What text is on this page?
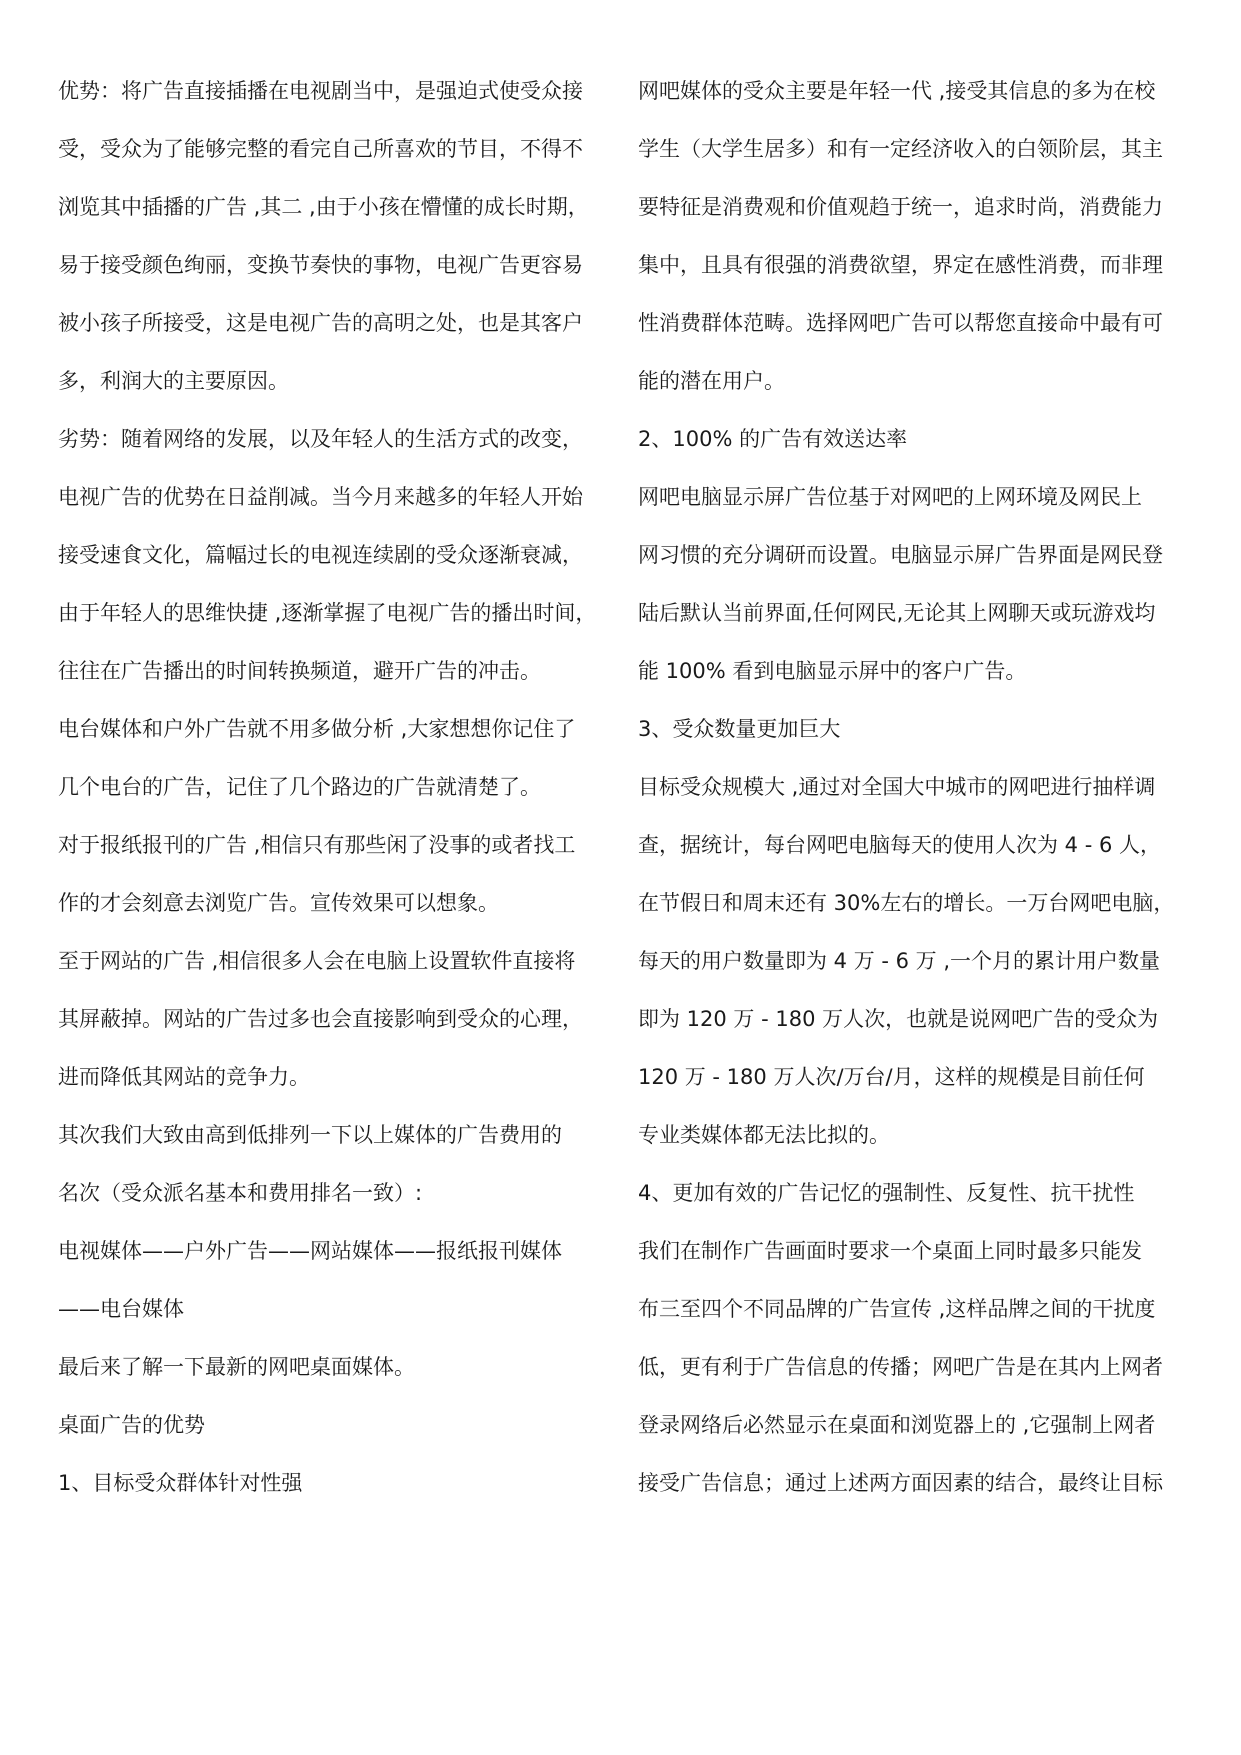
优势：将广告直接插播在电视剧当中，是强迫式使受众接
受，受众为了能够完整的看完自己所喜欢的节目，不得不
浏览其中插播的广告 ,其二 ,由于小孩在懵懂的成长时期，
易于接受颜色绚丽，变换节奏快的事物，电视广告更容易
被小孩子所接受，这是电视广告的高明之处，也是其客户
多，利润大的主要原因。
劣势：随着网络的发展，以及年轻人的生活方式的改变，
电视广告的优势在日益削减。当今月来越多的年轻人开始
接受速食文化，篇幅过长的电视连续剧的受众逐渐衰减，
由于年轻人的思维快捷 ,逐渐掌握了电视广告的播出时间，
往往在广告播出的时间转换频道，避开广告的冲击。
电台媒体和户外广告就不用多做分析 ,大家想想你记住了
几个电台的广告，记住了几个路边的广告就清楚了。
对于报纸报刊的广告 ,相信只有那些闲了没事的或者找工
作的才会刻意去浏览广告。宣传效果可以想象。
至于网站的广告 ,相信很多人会在电脑上设置软件直接将
其屏蔽掉。网站的广告过多也会直接影响到受众的心理，
进而降低其网站的竞争力。
其次我们大致由高到低排列一下以上媒体的广告费用的
名次（受众派名基本和费用排名一致）:
电视媒体——户外广告——网站媒体——报纸报刊媒体
——电台媒体
最后来了解一下最新的网吧桌面媒体。
桌面广告的优势
1、目标受众群体针对性强
网吧媒体的受众主要是年轻一代 ,接受其信息的多为在校
学生（大学生居多）和有一定经济收入的白领阶层，其主
要特征是消费观和价值观趋于统一，追求时尚，消费能力
集中，且具有很强的消费欲望，界定在感性消费，而非理
性消费群体范畴。选择网吧广告可以帮您直接命中最有可
能的潜在用户。
2、100% 的广告有效送达率
网吧电脑显示屏广告位基于对网吧的上网环境及网民上
网习惯的充分调研而设置。电脑显示屏广告界面是网民登
陆后默认当前界面,任何网民,无论其上网聊天或玩游戏均
能 100% 看到电脑显示屏中的客户广告。
3、受众数量更加巨大
目标受众规模大 ,通过对全国大中城市的网吧进行抽样调
查，据统计，每台网吧电脑每天的使用人次为 4 - 6 人，
在节假日和周末还有 30%左右的增长。一万台网吧电脑，
每天的用户数量即为 4 万 - 6 万 ,一个月的累计用户数量
即为 120 万 - 180 万人次，也就是说网吧广告的受众为
120 万 - 180 万人次/万台/月，这样的规模是目前任何
专业类媒体都无法比拟的。
4、更加有效的广告记忆的强制性、反复性、抗干扰性
我们在制作广告画面时要求一个桌面上同时最多只能发
布三至四个不同品牌的广告宣传 ,这样品牌之间的干扰度
低，更有利于广告信息的传播；网吧广告是在其内上网者
登录网络后必然显示在桌面和浏览器上的 ,它强制上网者
接受广告信息；通过上述两方面因素的结合，最终让目标
